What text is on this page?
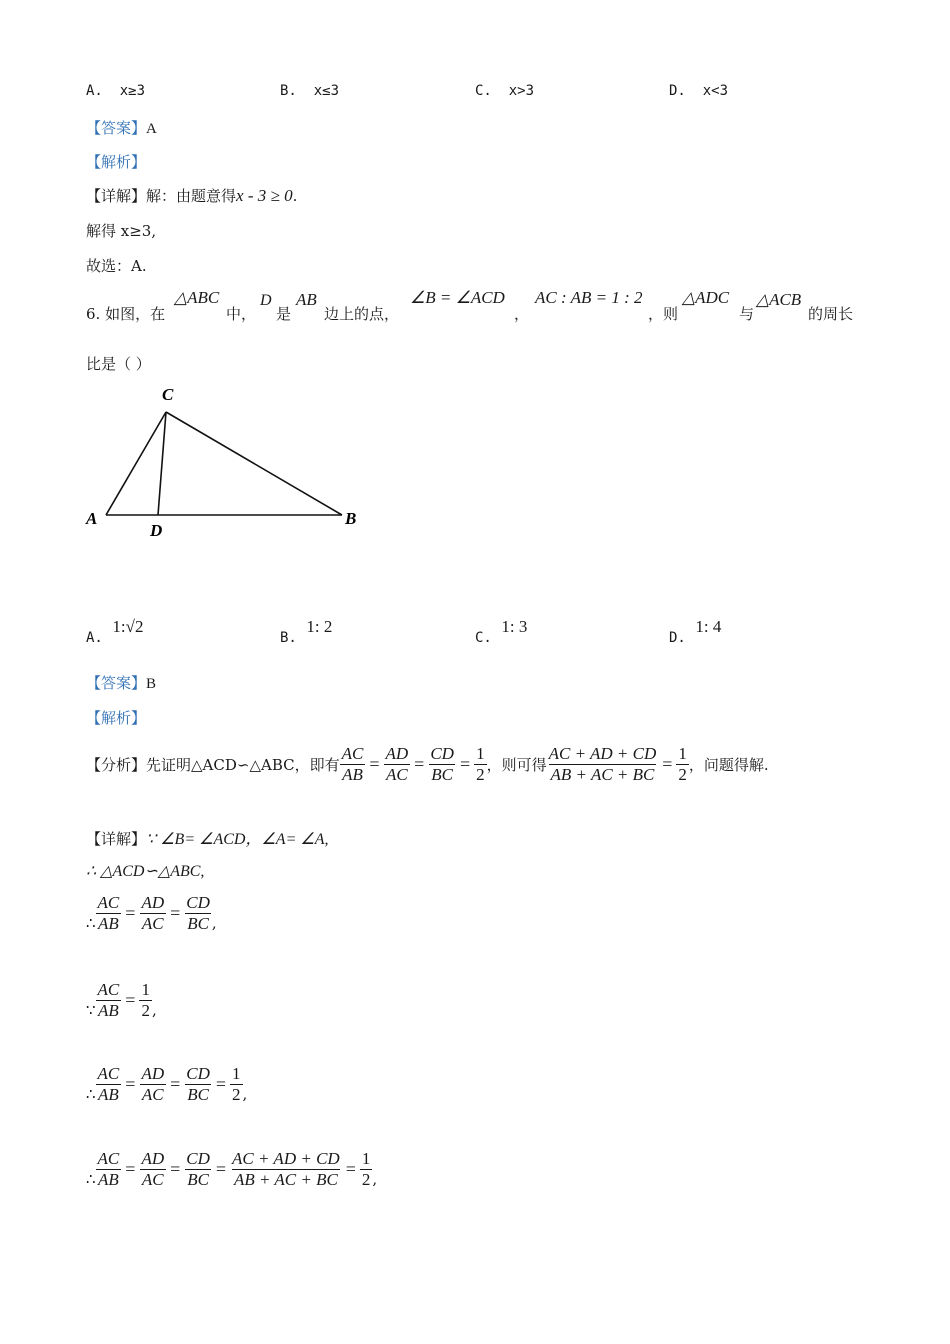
A. x≥3	B. x≤3	C. x>3	D. x<3
【答案】A
【解析】
【详解】解：由题意得x - 3 ≥ 0.
解得 x≥3,
故选：A.
6. 如图，在
△ABC
中，
D
是
AB
边上的点，
∠B = ∠ACD
，
AC : AB = 1 : 2
，则
△ADC
与
△ACB
的周长
比是（ ）
C
A
D
B
A.  1:√2
B.  1: 2
C.  1: 3
D.  1: 4
【答案】B
【解析】
【分析】 先证明△ACD∽△ABC，即有 $\frac{AC}{AB} = \frac{AD}{AC} = \frac{CD}{BC} = \frac{1}{2}$ ，则可得 $\frac{AC + AD + CD}{AB + AC + BC} = \frac{1}{2}$ ，问题得解.
【详解】∵ ∠B= ∠ACD，∠A= ∠A,
∴ △ACD∽△ABC,
∴ $\frac{AC}{AB} = \frac{AD}{AC} = \frac{CD}{BC}$ ,
∵ $\frac{AC}{AB} = \frac{1}{2}$ ,
∴ $\frac{AC}{AB} = \frac{AD}{AC} = \frac{CD}{BC} = \frac{1}{2}$ ,
∴ $\frac{AC}{AB} = \frac{AD}{AC} = \frac{CD}{BC} = \frac{AC + AD + CD}{AB + AC + BC} = \frac{1}{2}$ ,
